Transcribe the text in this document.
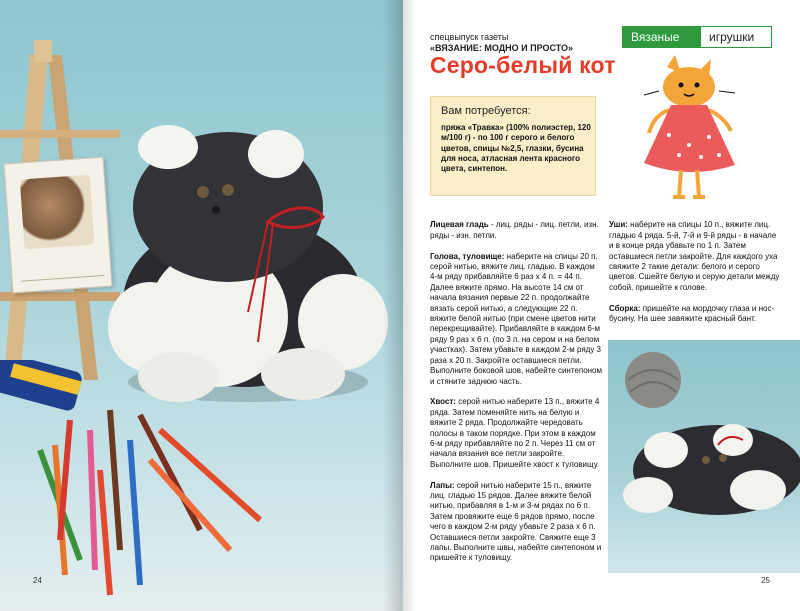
24
спецвыпуск газеты
«ВЯЗАНИЕ: МОДНО И ПРОСТО»
Серо-белый кот
Вязаные	игрушки
Вам потребуется:
пряжа «Травка» (100% полиэстер, 120 м/100 г) - по 100 г серого и белого цветов, спицы №2,5, глазки, бусина для носа, атласная лента красного цвета, синтепон.

Лицевая гладь - лиц. ряды - лиц. петли, изн. ряды - изн. петли.

Голова, туловище: наберите на спицы 20 п. серой нитью, вяжите лиц. гладью. В каждом 4-м ряду прибавляйте 6 раз х 4 п. = 44 п. Далее вяжите прямо. На высоте 14 см от начала вязания первые 22 п. продолжайте вязать серой нитью, а следующие 22 п. вяжите белой нитью (при смене цветов нити перекрещивайте). Прибавляйте в каждом 6-м ряду 9 раз х 6 п. (по 3 п. на сером и на белом участках). Затем убавьте в каждом 2-м ряду 3 раза х 20 п. Закройте оставшиеся петли. Выполните боковой шов, набейте синтепоном и стяните заднюю часть.

Хвост: серой нитью наберите 13 п., вяжите 4 ряда. Затем поменяйте нить на белую и вяжите 2 ряда. Продолжайте чередовать полосы в таком порядке. При этом в каждом 6-м ряду прибавляйте по 2 п. Через 11 см от начала вязания все петли закройте. Выполните шов. Пришейте хвост к туловищу.

Лапы: серой нитью наберите 15 п., вяжите лиц. гладью 15 рядов. Далее вяжите белой нитью, прибавляя в 1-м и 3-м рядах по 6 п. Затем провяжите еще 6 рядов прямо, после чего в каждом 2-м ряду убавьте 2 раза х 6 п. Оставшиеся петли закройте. Свяжите еще 3 лапы. Выполните швы, набейте синтепоном и пришейте к туловищу.

Уши: наберите на спицы 10 п., вяжите лиц. гладью 4 ряда. 5-й, 7-й и 9-й ряды - в начале и в конце ряда убавьте по 1 п. Затем оставшиеся петли закройте. Для каждого уха свяжите 2 такие детали: белого и серого цветов. Сшейте белую и серую детали между собой, пришейте к голове.

Сборка: пришейте на мордочку глаза и нос-бусину. На шее завяжите красный бант.

25
